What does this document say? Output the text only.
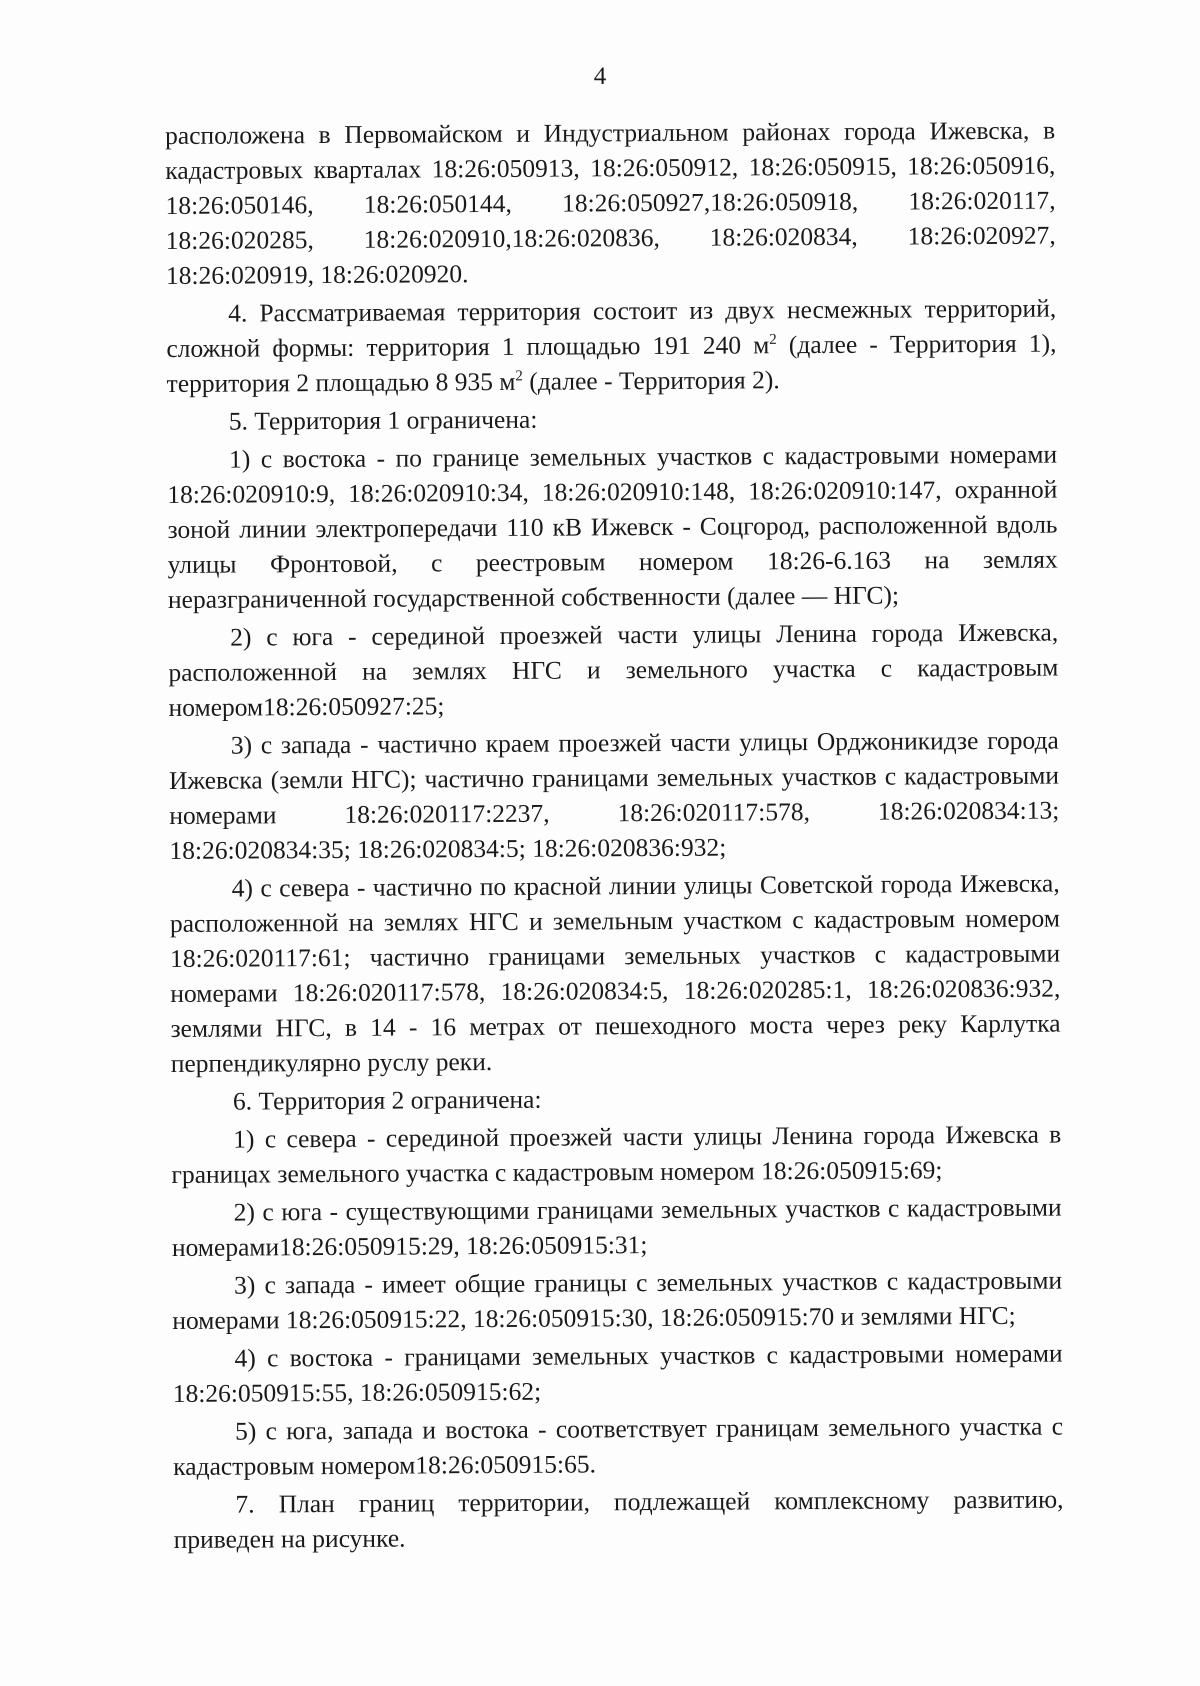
4

расположена в Первомайском и Индустриальном районах города Ижевска, в кадастровых кварталах 18:26:050913, 18:26:050912, 18:26:050915, 18:26:050916, 18:26:050146, 18:26:050144, 18:26:050927,18:26:050918, 18:26:020117, 18:26:020285, 18:26:020910,18:26:020836, 18:26:020834, 18:26:020927, 18:26:020919, 18:26:020920.

4. Рассматриваемая территория состоит из двух несмежных территорий, сложной формы: территория 1 площадью 191 240 $м^2$ (далее - Территория 1), территория 2 площадью 8 935 $м^2$ (далее - Территория 2).

5. Территория 1 ограничена:

1) с востока - по границе земельных участков с кадастровыми номерами 18:26:020910:9, 18:26:020910:34, 18:26:020910:148, 18:26:020910:147, охранной зоной линии электропередачи 110 кВ Ижевск - Соцгород, расположенной вдоль улицы Фронтовой, с реестровым номером 18:26-6.163 на землях неразграниченной государственной собственности (далее — НГС);

2) с юга - серединой проезжей части улицы Ленина города Ижевска, расположенной на землях НГС и земельного участка с кадастровым номером18:26:050927:25;

3) с запада - частично краем проезжей части улицы Орджоникидзе города Ижевска (земли НГС); частично границами земельных участков с кадастровыми номерами 18:26:020117:2237, 18:26:020117:578, 18:26:020834:13; 18:26:020834:35; 18:26:020834:5; 18:26:020836:932;

4) с севера - частично по красной линии улицы Советской города Ижевска, расположенной на землях НГС и земельным участком с кадастровым номером 18:26:020117:61; частично границами земельных участков с кадастровыми номерами 18:26:020117:578, 18:26:020834:5, 18:26:020285:1, 18:26:020836:932, землями НГС, в 14 - 16 метрах от пешеходного моста через реку Карлутка перпендикулярно руслу реки.

6. Территория 2 ограничена:

1) с севера - серединой проезжей части улицы Ленина города Ижевска в границах земельного участка с кадастровым номером 18:26:050915:69;

2) с юга - существующими границами земельных участков с кадастровыми номерами18:26:050915:29, 18:26:050915:31;

3) с запада - имеет общие границы с земельных участков с кадастровыми номерами 18:26:050915:22, 18:26:050915:30, 18:26:050915:70 и землями НГС;

4) с востока - границами земельных участков с кадастровыми номерами 18:26:050915:55, 18:26:050915:62;

5) с юга, запада и востока - соответствует границам земельного участка с кадастровым номером18:26:050915:65.

7. План границ территории, подлежащей комплексному развитию, приведен на рисунке.
